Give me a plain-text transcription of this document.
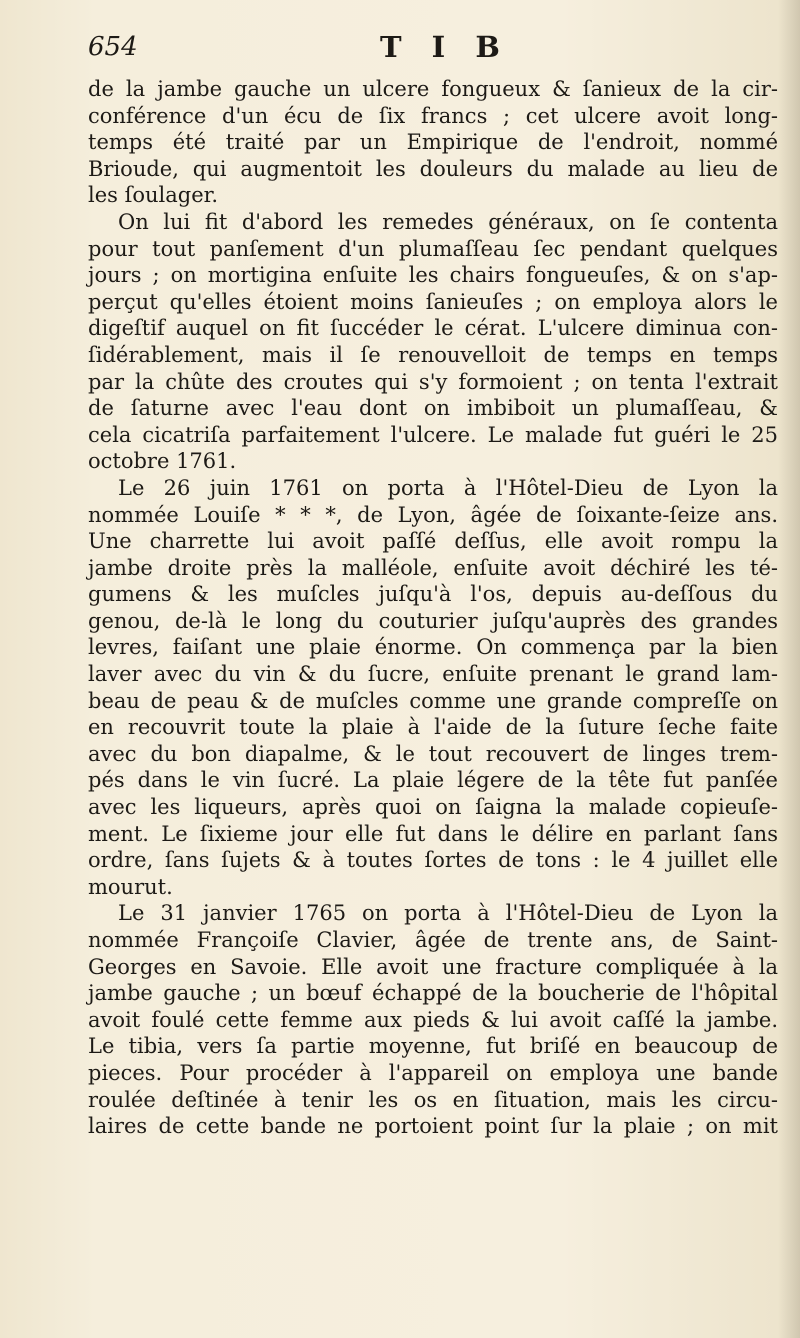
654	T I B
de la jambe gauche un ulcere fongueux & ſanieux de la cir-
conférence d'un écu de ſix francs ; cet ulcere avoit long-
temps été traité par un Empirique de l'endroit, nommé
Brioude, qui augmentoit les douleurs du malade au lieu de
les ſoulager.
On lui fit d'abord les remedes généraux, on ſe contenta
pour tout panſement d'un plumaſſeau ſec pendant quelques
jours ; on mortigina enſuite les chairs fongueuſes, & on s'ap-
perçut qu'elles étoient moins ſanieuſes ; on employa alors le
digeſtif auquel on fit ſuccéder le cérat. L'ulcere diminua con-
ſidérablement, mais il ſe renouvelloit de temps en temps
par la chûte des croutes qui s'y formoient ; on tenta l'extrait
de ſaturne avec l'eau dont on imbiboit un plumaſſeau, &
cela cicatriſa parfaitement l'ulcere. Le malade fut guéri le 25
octobre 1761.
Le 26 juin 1761 on porta à l'Hôtel-Dieu de Lyon la
nommée Louiſe * * *, de Lyon, âgée de ſoixante-ſeize ans.
Une charrette lui avoit paſſé deſſus, elle avoit rompu la
jambe droite près la malléole, enſuite avoit déchiré les té-
gumens & les muſcles juſqu'à l'os, depuis au-deſſous du
genou, de-là le long du couturier juſqu'auprès des grandes
levres, faiſant une plaie énorme. On commença par la bien
laver avec du vin & du ſucre, enſuite prenant le grand lam-
beau de peau & de muſcles comme une grande compreſſe on
en recouvrit toute la plaie à l'aide de la ſuture ſeche faite
avec du bon diapalme, & le tout recouvert de linges trem-
pés dans le vin ſucré. La plaie légere de la tête fut panſée
avec les liqueurs, après quoi on ſaigna la malade copieuſe-
ment. Le ſixieme jour elle fut dans le délire en parlant ſans
ordre, ſans ſujets & à toutes ſortes de tons : le 4 juillet elle
mourut.
Le 31 janvier 1765 on porta à l'Hôtel-Dieu de Lyon la
nommée Françoiſe Clavier, âgée de trente ans, de Saint-
Georges en Savoie. Elle avoit une fracture compliquée à la
jambe gauche ; un bœuf échappé de la boucherie de l'hôpital
avoit foulé cette femme aux pieds & lui avoit caſſé la jambe.
Le tibia, vers ſa partie moyenne, fut briſé en beaucoup de
pieces. Pour procéder à l'appareil on employa une bande
roulée deſtinée à tenir les os en ſituation, mais les circu-
laires de cette bande ne portoient point ſur la plaie ; on mit
